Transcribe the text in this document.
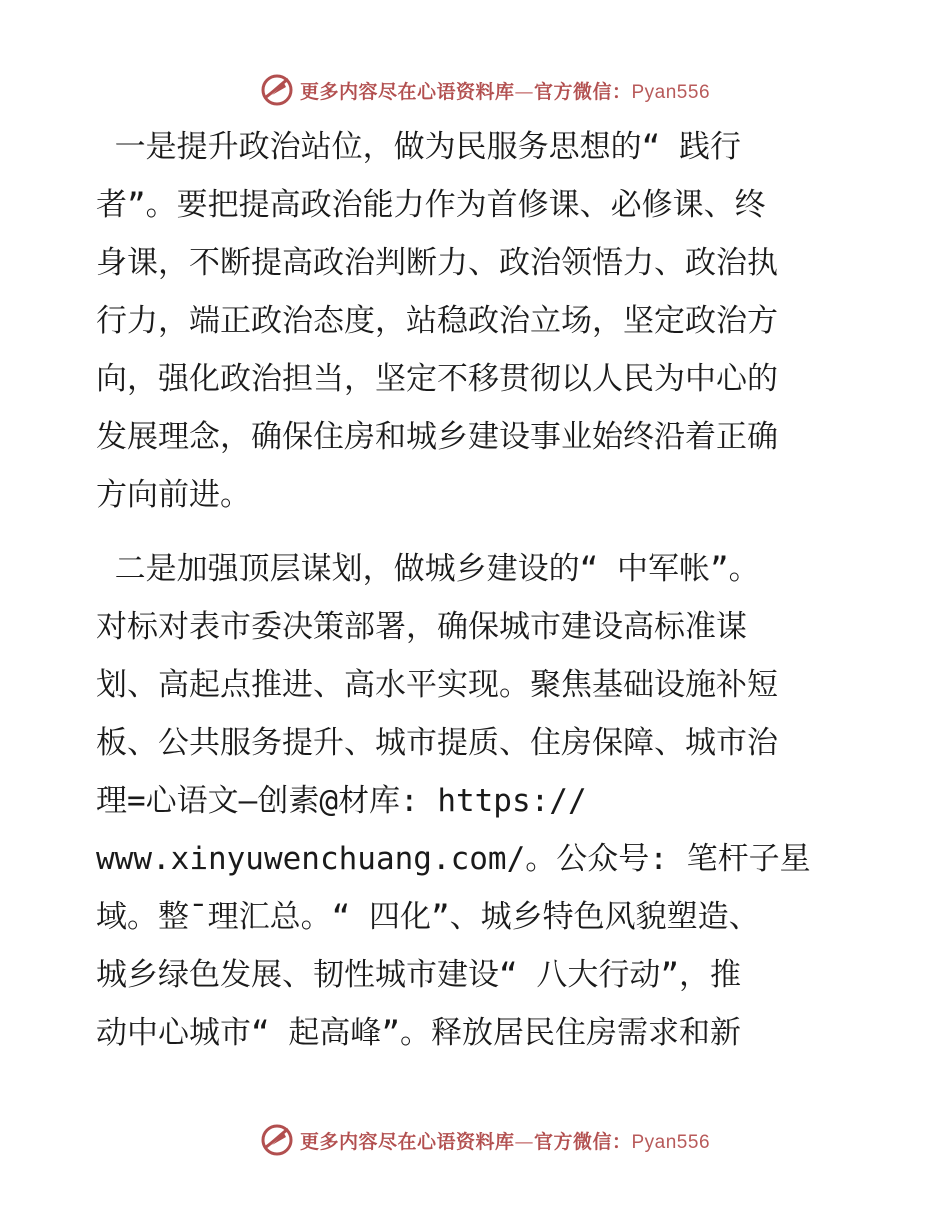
更多内容尽在心语资料库—官方微信：Pyan556
一是提升政治站位，做为民服务思想的“ 践行
者”。要把提高政治能力作为首修课、必修课、终
身课，不断提高政治判断力、政治领悟力、政治执
行力，端正政治态度，站稳政治立场，坚定政治方
向，强化政治担当，坚定不移贯彻以人民为中心的
发展理念，确保住房和城乡建设事业始终沿着正确
方向前进。
二是加强顶层谋划，做城乡建设的“ 中军帐”。
对标对表市委决策部署，确保城市建设高标准谋
划、高起点推进、高水平实现。聚焦基础设施补短
板、公共服务提升、城市提质、住房保障、城市治
理=心语文—创素@材库: https://
www.xinyuwenchuang.com/。公众号: 笔杆子星
域。整¯理汇总。“ 四化”、城乡特色风貌塑造、
城乡绿色发展、韧性城市建设“ 八大行动”，推
动中心城市“ 起高峰”。释放居民住房需求和新
更多内容尽在心语资料库—官方微信：Pyan556
